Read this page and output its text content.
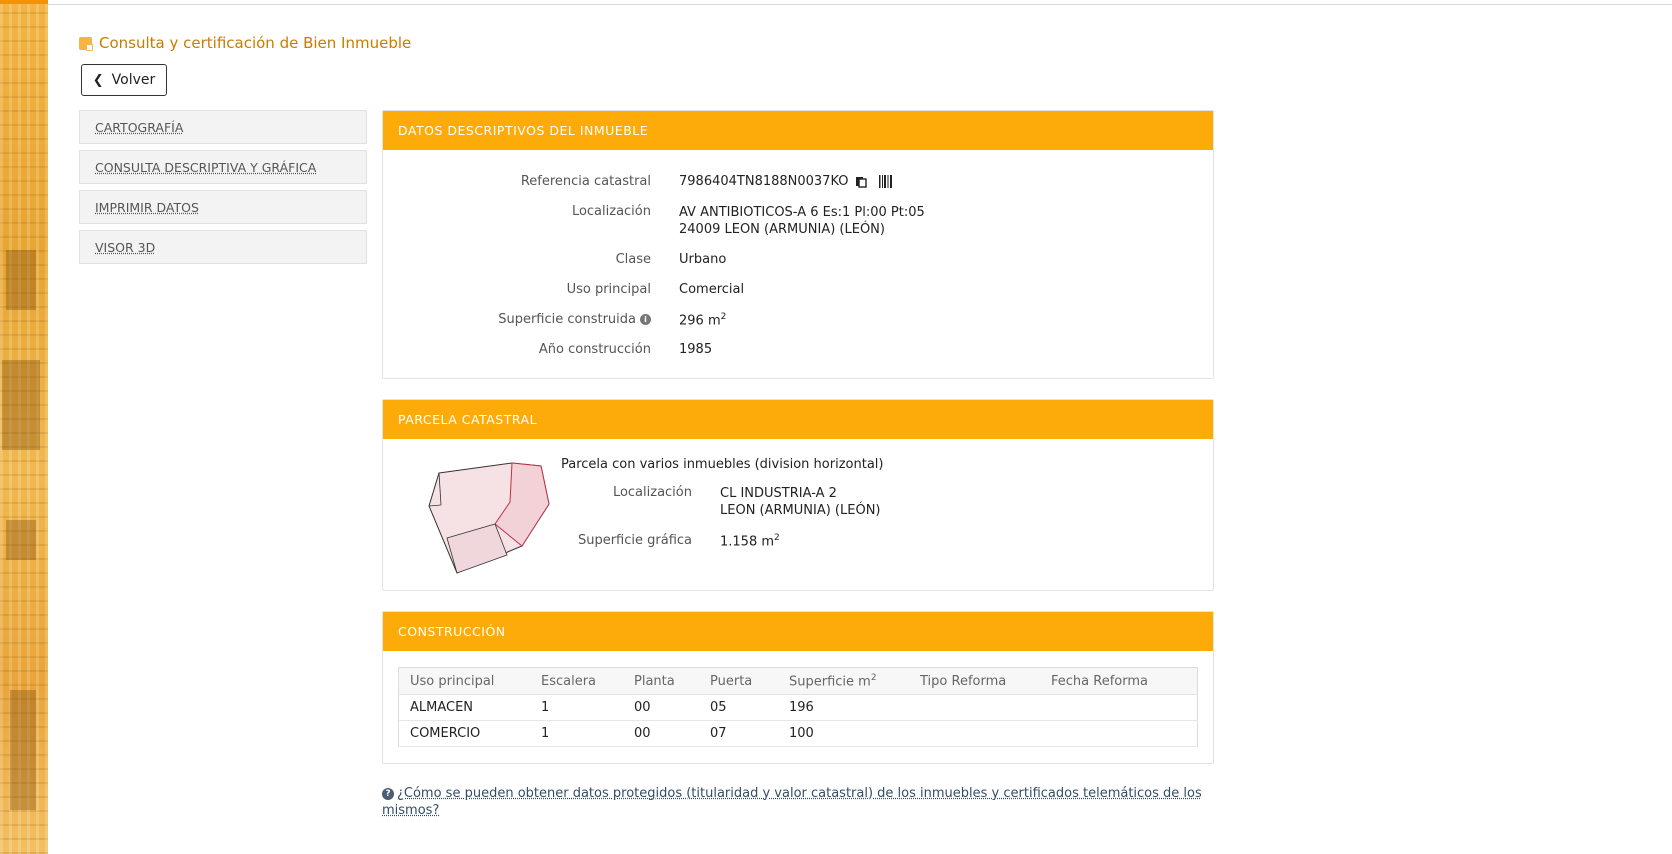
Consulta y certificación de Bien Inmueble
❮ Volver
CARTOGRAFÍA
CONSULTA DESCRIPTIVA Y GRÁFICA
IMPRIMIR DATOS
VISOR 3D
DATOS DESCRIPTIVOS DEL INMUEBLE
Referencia catastral 7986404TN8188N0037KO
Localización AV ANTIBIOTICOS-A 6 Es:1 Pl:00 Pt:05
24009 LEON (ARMUNIA) (LEÓN)
Clase Urbano
Uso principal Comercial
Superficie construida	i	296 $m^2$
Año construcción 1985
PARCELA CATASTRAL
Parcela con varios inmuebles (division horizontal)
Localización CL INDUSTRIA-A 2
LEON (ARMUNIA) (LEÓN)
Superficie gráfica 1.158 $m^2$
CONSTRUCCIÓN
Uso principal	Escalera	Planta	Puerta	Superficie $m^2$	Tipo Reforma	Fecha Reforma
ALMACEN	1	00	05	196		
COMERCIO	1	00	07	100		
? ¿Cómo se pueden obtener datos protegidos (titularidad y valor catastral) de los inmuebles y certificados telemáticos de los mismos?
